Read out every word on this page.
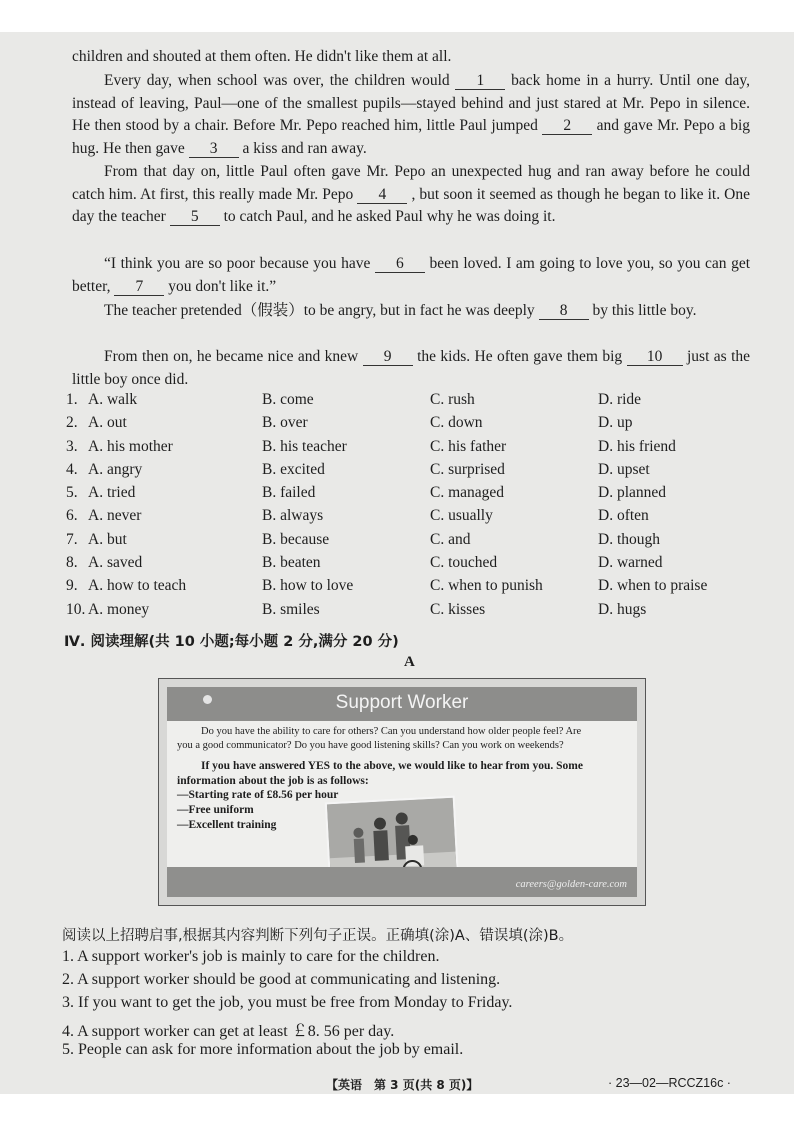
children and shouted at them often. He didn't like them at all.
Every day, when school was over, the children would 1 back home in a hurry. Until one day, instead of leaving, Paul—one of the smallest pupils—stayed behind and just stared at Mr. Pepo in silence. He then stood by a chair. Before Mr. Pepo reached him, little Paul jumped 2 and gave Mr. Pepo a big hug. He then gave 3 a kiss and ran away.
From that day on, little Paul often gave Mr. Pepo an unexpected hug and ran away before he could catch him. At first, this really made Mr. Pepo 4 , but soon it seemed as though he began to like it. One day the teacher 5 to catch Paul, and he asked Paul why he was doing it.
“I think you are so poor because you have 6 been loved. I am going to love you, so you can get better, 7 you don't like it.”
The teacher pretended（假装）to be angry, but in fact he was deeply 8 by this little boy.
From then on, he became nice and knew 9 the kids. He often gave them big 10 just as the little boy once did.
1. A. walk	B. come	C. rush	D. ride
2. A. out	B. over	C. down	D. up
3. A. his mother	B. his teacher	C. his father	D. his friend
4. A. angry	B. excited	C. surprised	D. upset
5. A. tried	B. failed	C. managed	D. planned
6. A. never	B. always	C. usually	D. often
7. A. but	B. because	C. and	D. though
8. A. saved	B. beaten	C. touched	D. warned
9. A. how to teach	B. how to love	C. when to punish	D. when to praise
10. A. money	B. smiles	C. kisses	D. hugs
Ⅳ. 阅读理解(共 10 小题;每小题 2 分,满分 20 分)
A
Support Worker

Do you have the ability to care for others? Can you understand how older people feel? Are you a good communicator? Do you have good listening skills? Can you work on weekends?

If you have answered YES to the above, we would like to hear from you. Some information about the job is as follows:

—Starting rate of £8.56 per hour

—Free uniform

—Excellent training

careers@golden-care.com
阅读以上招聘启事,根据其内容判断下列句子正误。正确填(涂)A、错误填(涂)B。
1. A support worker's job is mainly to care for the children.
2. A support worker should be good at communicating and listening.
3. If you want to get the job, you must be free from Monday to Friday.
4. A support worker can get at least ￡8. 56 per day.
5. People can ask for more information about the job by email.
【英语　第 3 页(共 8 页)】	· 23—02—RCCZ16c ·
